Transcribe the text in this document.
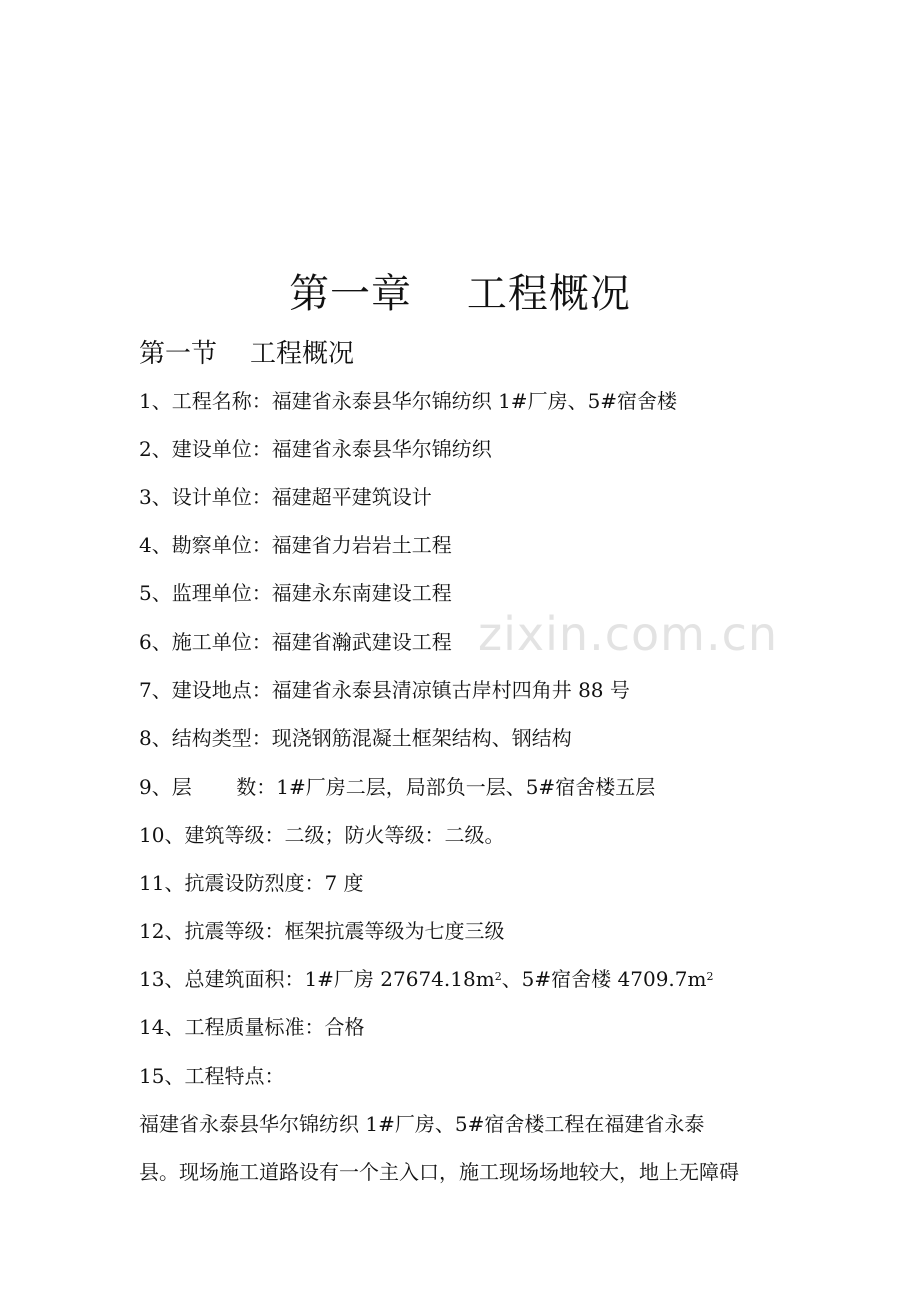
zixin.com.cn
第一章    工程概况
第一节    工程概况
1、工程名称：福建省永泰县华尔锦纺织 1#厂房、5#宿舍楼
2、建设单位：福建省永泰县华尔锦纺织
3、设计单位：福建超平建筑设计
4、勘察单位：福建省力岩岩土工程
5、监理单位：福建永东南建设工程
6、施工单位：福建省瀚武建设工程
7、建设地点：福建省永泰县清凉镇古岸村四角井 88 号
8、结构类型：现浇钢筋混凝土框架结构、钢结构
9、层       数：1#厂房二层，局部负一层、5#宿舍楼五层
10、建筑等级：二级；防火等级：二级。
11、抗震设防烈度：7 度
12、抗震等级：框架抗震等级为七度三级
13、总建筑面积：1#厂房 $27674.18m^2$、5#宿舍楼 $4709.7m^2$
14、工程质量标准：合格
15、工程特点：
福建省永泰县华尔锦纺织 1#厂房、5#宿舍楼工程在福建省永泰
县。现场施工道路设有一个主入口，施工现场场地较大，地上无障碍
